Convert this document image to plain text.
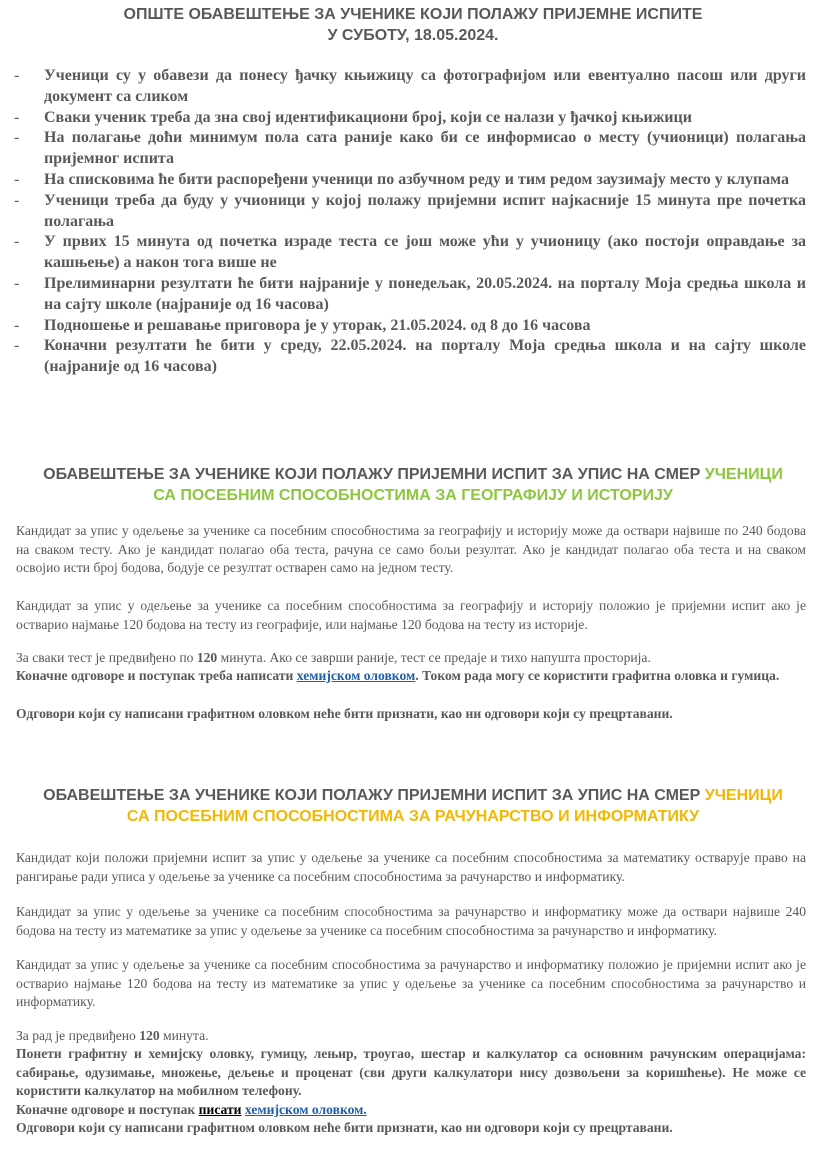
ОПШТЕ ОБАВЕШТЕЊЕ ЗА УЧЕНИКЕ КОЈИ ПОЛАЖУ ПРИЈЕМНЕ ИСПИТЕ
У СУБОТУ, 18.05.2024.
- Ученици су у обавези да понесу ђачку књижицу са фотографијом или евентуално пасош или други документ са сликом
- Сваки ученик треба да зна свој идентификациони број, који се налази у ђачкој књижици
- На полагање доћи минимум пола сата раније како би се информисао о месту (учионици) полагања пријемног испита
- На списковима ће бити распоређени ученици по азбучном реду и тим редом заузимају место у клупама
- Ученици треба да буду у учионици у којој полажу пријемни испит најкасније 15 минута пре почетка полагања
- У првих 15 минута од почетка израде теста се још може ући у учионицу (ако постоји оправдање за кашњење) а након тога више не
- Прелиминарни резултати ће бити најраније у понедељак, 20.05.2024. на порталу Моја средња школа и на сајту школе (најраније од 16 часова)
- Подношење и решавање приговора је у уторак, 21.05.2024. од 8 до 16 часова
- Коначни резултати ће бити у среду, 22.05.2024. на порталу Моја средња школа и на сајту школе (најраније од 16 часова)
ОБАВЕШТЕЊЕ ЗА УЧЕНИКЕ КОЈИ ПОЛАЖУ ПРИЈЕМНИ ИСПИТ ЗА УПИС НА СМЕР УЧЕНИЦИ
СА ПОСЕБНИМ СПОСОБНОСТИМА ЗА ГЕОГРАФИЈУ И ИСТОРИЈУ

Кандидат за упис у одељење за ученике са посебним способностима за географију и историју може да оствари највише по 240 бодова на сваком тесту. Ако је кандидат полагао оба теста, рачуна се само бољи резултат. Ако је кандидат полагао оба теста и на сваком освојио исти број бодова, бодује се резултат остварен само на једном тесту.

Кандидат за упис у одељење за ученике са посебним способностима за географију и историју положио је пријемни испит ако је остварио најмање 120 бодова на тесту из географије, или најмање 120 бодова на тесту из историје.

За сваки тест је предвиђено по 120 минута. Ако се заврши раније, тест се предаје и тихо напушта просторија.

Коначне одговоре и поступак треба написати хемијском оловком. Током рада могу се користити графитна оловка и гумица.

Одговори који су написани графитном оловком неће бити признати, као ни одговори који су прецртавани.

ОБАВЕШТЕЊЕ ЗА УЧЕНИКЕ КОЈИ ПОЛАЖУ ПРИЈЕМНИ ИСПИТ ЗА УПИС НА СМЕР УЧЕНИЦИ
СА ПОСЕБНИМ СПОСОБНОСТИМА ЗА РАЧУНАРСТВО И ИНФОРМАТИКУ

Кандидат који положи пријемни испит за упис у одељење за ученике са посебним способностима за математику остварује право на рангирање ради уписа у одељење за ученике са посебним способностима за рачунарство и информатику.

Кандидат за упис у одељење за ученике са посебним способностима за рачунарство и информатику може да оствари највише 240 бодова на тесту из математике за упис у одељење за ученике са посебним способностима за рачунарство и информатику.

Кандидат за упис у одељење за ученике са посебним способностима за рачунарство и информатику положио је пријемни испит ако је остварио најмање 120 бодова на тесту из математике за упис у одељење за ученике са посебним способностима за рачунарство и информатику.

За рад је предвиђено 120 минута.

Понети графитну и хемијску оловку, гумицу, лењир, троугао, шестар и калкулатор са основним рачунским операцијама: сабирање, одузимање, множење, дељење и проценат (сви други калкулатори нису дозвољени за коришћење). Не може се користити калкулатор на мобилном телефону.

Коначне одговоре и поступак писати хемијском оловком.

Одговори који су написани графитном оловком неће бити признати, као ни одговори који су прецртавани.
